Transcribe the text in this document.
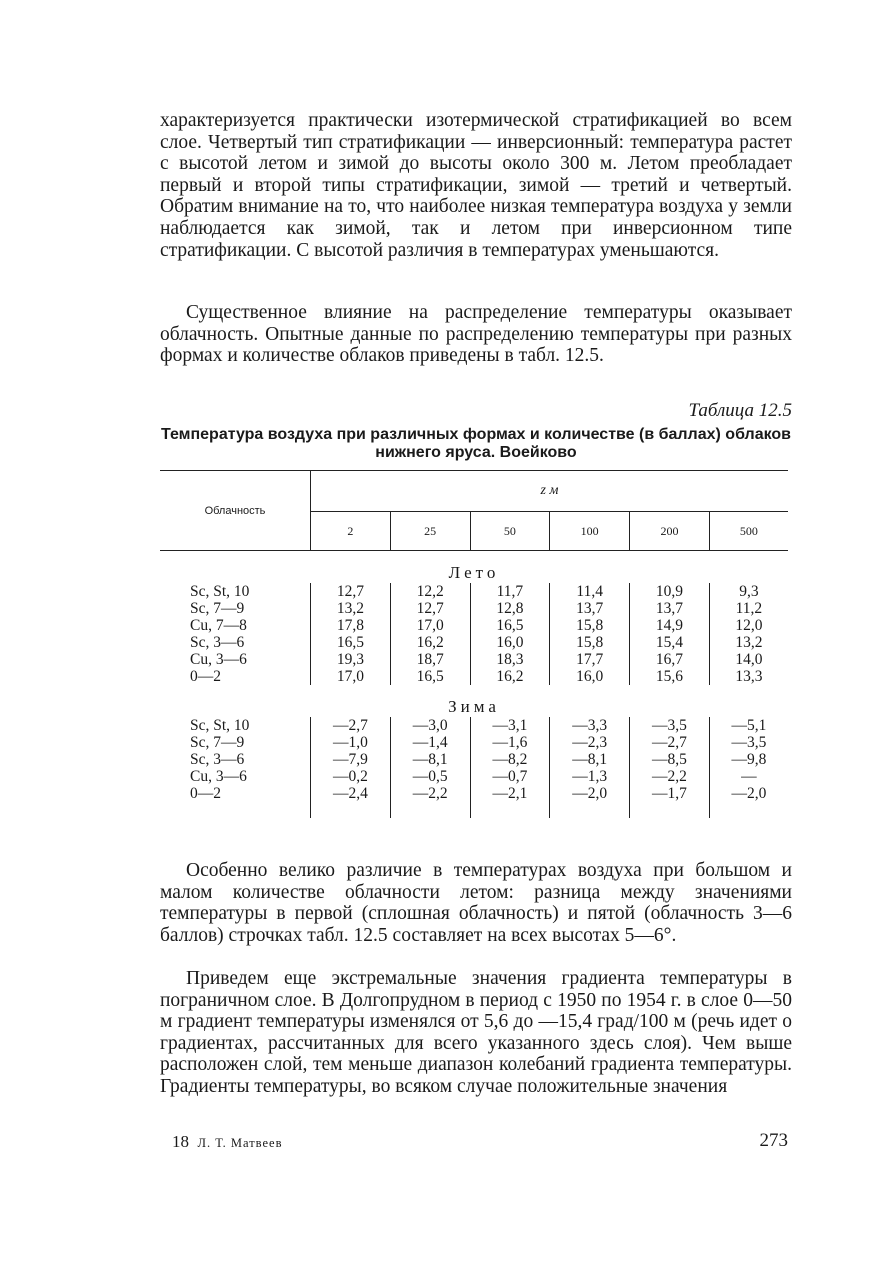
характеризуется практически изотермической стратификацией во всем слое. Четвертый тип стратификации — инверсионный: температура растет с высотой летом и зимой до высоты около 300 м. Летом преобладает первый и второй типы стратификации, зимой — третий и четвертый. Обратим внимание на то, что наиболее низкая температура воздуха у земли наблюдается как зимой, так и летом при инверсионном типе стратификации. С высотой различия в температурах уменьшаются.

Существенное влияние на распределение температуры оказывает облачность. Опытные данные по распределению температуры при разных формах и количестве облаков приведены в табл. 12.5.

Таблица 12.5
Температура воздуха при различных формах и количестве (в баллах) облаков нижнего яруса. Воейково
Облачность	z м					
	2	25	50	100	200	500
Лето						
Sc, St, 10	12,7	12,2	11,7	11,4	10,9	9,3
Sc, 7—9	13,2	12,7	12,8	13,7	13,7	11,2
Cu, 7—8	17,8	17,0	16,5	15,8	14,9	12,0
Sc, 3—6	16,5	16,2	16,0	15,8	15,4	13,2
Cu, 3—6	19,3	18,7	18,3	17,7	16,7	14,0
0—2	17,0	16,5	16,2	16,0	15,6	13,3
Зима						
Sc, St, 10	—2,7	—3,0	—3,1	—3,3	—3,5	—5,1
Sc, 7—9	—1,0	—1,4	—1,6	—2,3	—2,7	—3,5
Sc, 3—6	—7,9	—8,1	—8,2	—8,1	—8,5	—9,8
Cu, 3—6	—0,2	—0,5	—0,7	—1,3	—2,2	—
0—2	—2,4	—2,2	—2,1	—2,0	—1,7	—2,0

Особенно велико различие в температурах воздуха при большом и малом количестве облачности летом: разница между значениями температуры в первой (сплошная облачность) и пятой (облачность 3—6 баллов) строчках табл. 12.5 составляет на всех высотах 5—6°.

Приведем еще экстремальные значения градиента температуры в пограничном слое. В Долгопрудном в период с 1950 по 1954 г. в слое 0—50 м градиент температуры изменялся от 5,6 до —15,4 град/100 м (речь идет о градиентах, рассчитанных для всего указанного здесь слоя). Чем выше расположен слой, тем меньше диапазон колебаний градиента температуры. Градиенты температуры, во всяком случае положительные значения

18 Л. Т. Матвеев	273
